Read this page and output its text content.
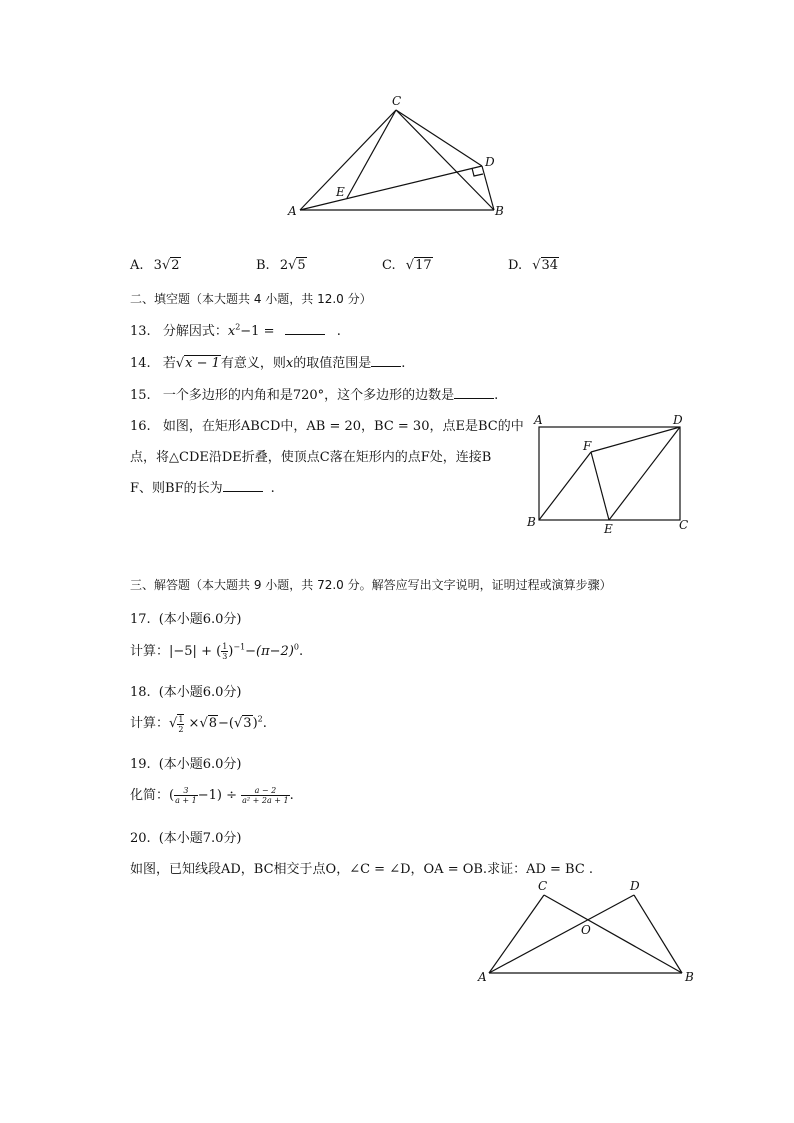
C
D
E
A	B
A. 3√2	B. 2√5	C. √17	D. √34
二、填空题（本大题共 4 小题，共 12.0 分）
13. 分解因式：$x^2-1$ =	.
14. 若√x − 1有意义，则x的取值范围是 .
15. 一个多边形的内角和是720°，这个多边形的边数是	.
16. 如图，在矩形ABCD中，AB = 20，BC = 30，点E是BC的中
点，将△CDE沿DE折叠，使顶点C落在矩形内的点F处，连接B
F、则BF的长为	.
A	D
F
B	E	C
三、解答题（本大题共 9 小题，共 72.0 分。解答应写出文字说明，证明过程或演算步骤）
17. (本小题6.0分)
计算：|−5| + ( $\frac{1}{3} )^{-1}-(\pi-2)^0$.
18. (本小题6.0分)
计算：√ $\frac{1}{2} \times√8-(√3)^2$.
19. (本小题6.0分)
化简：( $\frac{3}{a + 1} -1) \div \frac{a - 2}{\text{a² + 2a + 1}}$ .
20. (本小题7.0分)
如图，已知线段AD，BC相交于点O，∠C = ∠D，OA = OB.求证：AD = BC .
C	D
O
A	B
